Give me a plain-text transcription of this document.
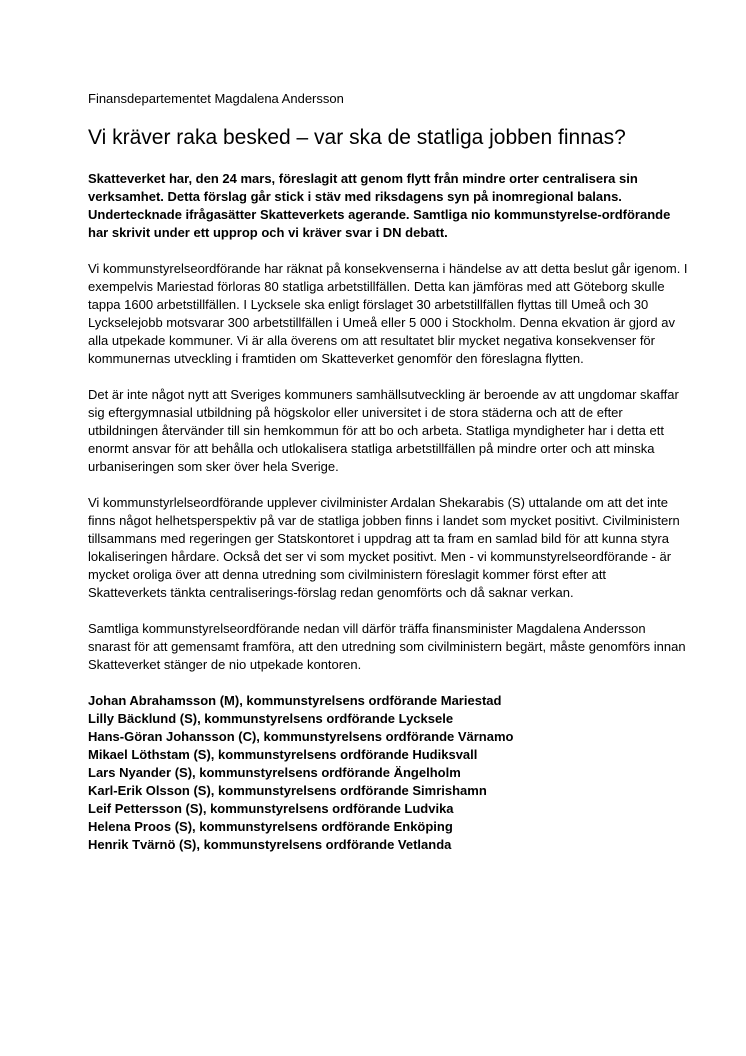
Finansdepartementet Magdalena Andersson

Vi kräver raka besked – var ska de statliga jobben finnas?

Skatteverket har, den 24 mars, föreslagit att genom flytt från mindre orter centralisera sin verksamhet. Detta förslag går stick i stäv med riksdagens syn på inomregional balans. Undertecknade ifrågasätter Skatteverkets agerande. Samtliga nio kommunstyrelse-ordförande har skrivit under ett upprop och vi kräver svar i DN debatt.

Vi kommunstyrelseordförande har räknat på konsekvenserna i händelse av att detta beslut går igenom. I exempelvis Mariestad förloras 80 statliga arbetstillfällen. Detta kan jämföras med att Göteborg skulle tappa 1600 arbetstillfällen. I Lycksele ska enligt förslaget 30 arbetstillfällen flyttas till Umeå och 30 Lyckselejobb motsvarar 300 arbetstillfällen i Umeå eller 5 000 i Stockholm. Denna ekvation är gjord av alla utpekade kommuner. Vi är alla överens om att resultatet blir mycket negativa konsekvenser för kommunernas utveckling i framtiden om Skatteverket genomför den föreslagna flytten.

Det är inte något nytt att Sveriges kommuners samhällsutveckling är beroende av att ungdomar skaffar sig eftergymnasial utbildning på högskolor eller universitet i de stora städerna och att de efter utbildningen återvänder till sin hemkommun för att bo och arbeta. Statliga myndigheter har i detta ett enormt ansvar för att behålla och utlokalisera statliga arbetstillfällen på mindre orter och att minska urbaniseringen som sker över hela Sverige.

Vi kommunstyrlelseordförande upplever civilminister Ardalan Shekarabis (S) uttalande om att det inte finns något helhetsperspektiv på var de statliga jobben finns i landet som mycket positivt. Civilministern tillsammans med regeringen ger Statskontoret i uppdrag att ta fram en samlad bild för att kunna styra lokaliseringen hårdare. Också det ser vi som mycket positivt. Men - vi kommunstyrelseordförande - är mycket oroliga över att denna utredning som civilministern föreslagit kommer först efter att Skatteverkets tänkta centraliserings-förslag redan genomförts och då saknar verkan.

Samtliga kommunstyrelseordförande nedan vill därför träffa finansminister Magdalena Andersson snarast för att gemensamt framföra, att den utredning som civilministern begärt, måste genomförs innan Skatteverket stänger de nio utpekade kontoren.

Johan Abrahamsson (M), kommunstyrelsens ordförande Mariestad
Lilly Bäcklund (S), kommunstyrelsens ordförande Lycksele
Hans-Göran Johansson (C), kommunstyrelsens ordförande Värnamo
Mikael Löthstam (S), kommunstyrelsens ordförande Hudiksvall
Lars Nyander (S), kommunstyrelsens ordförande Ängelholm
Karl-Erik Olsson (S), kommunstyrelsens ordförande Simrishamn
Leif Pettersson (S), kommunstyrelsens ordförande Ludvika
Helena Proos (S), kommunstyrelsens ordförande Enköping
Henrik Tvärnö (S), kommunstyrelsens ordförande Vetlanda
